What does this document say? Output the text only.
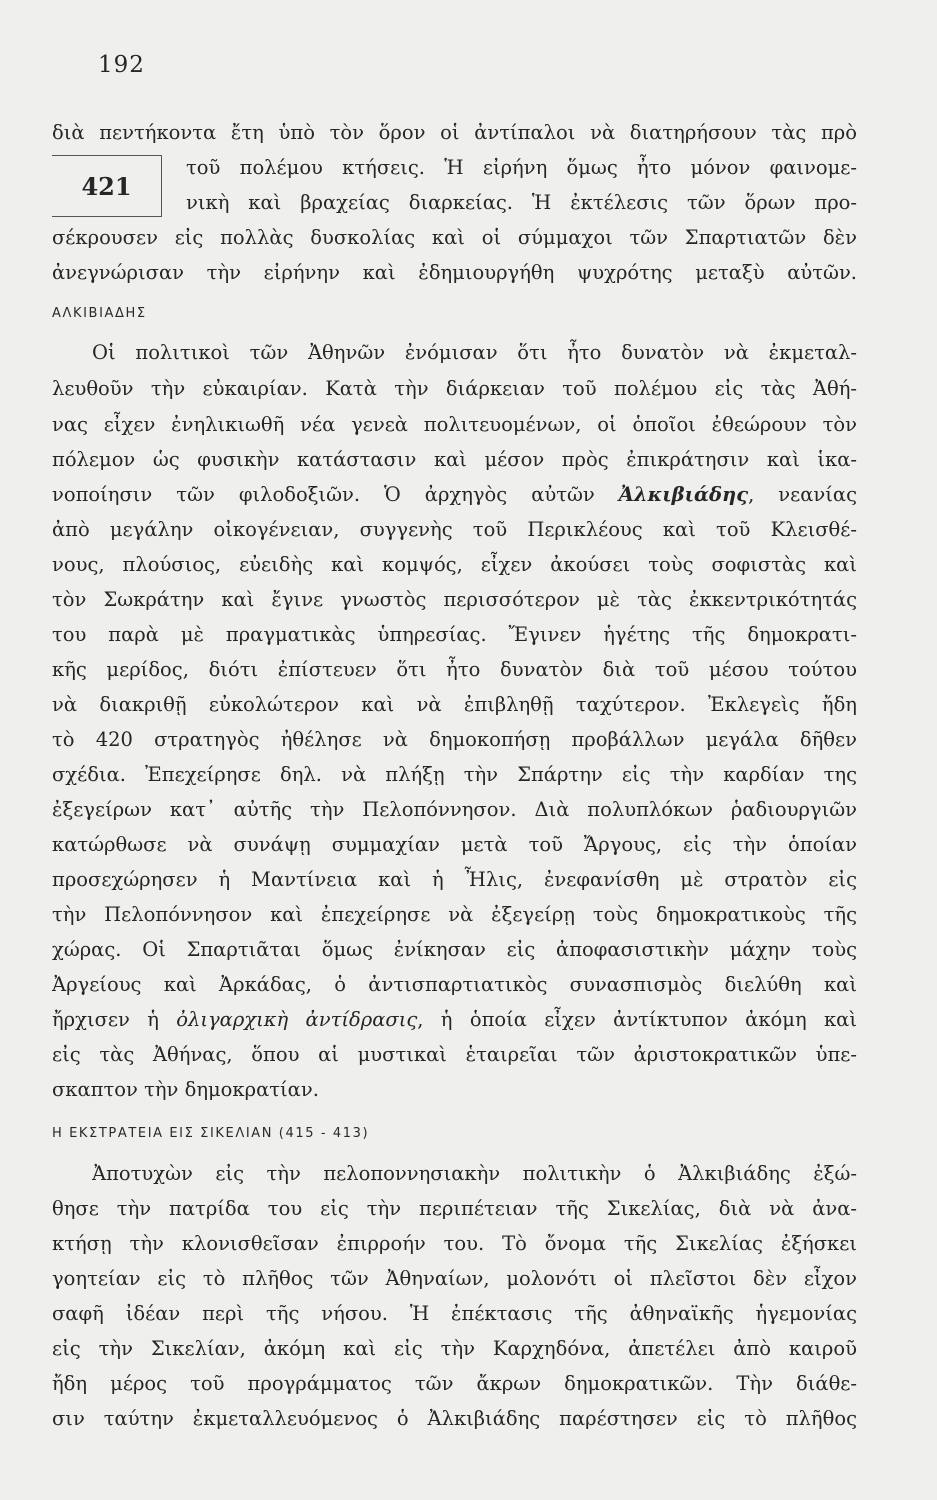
192
421
διὰ πεντήκοντα ἔτη ὑπὸ τὸν ὅρον οἱ ἀντίπαλοι νὰ διατηρήσουν τὰς πρὸ
τοῦ πολέμου κτήσεις. Ἡ εἰρήνη ὅμως ἦτο μόνον φαινομε-
νικὴ καὶ βραχείας διαρκείας. Ἡ ἐκτέλεσις τῶν ὅρων προ-
σέκρουσεν εἰς πολλὰς δυσκολίας καὶ οἱ σύμμαχοι τῶν Σπαρτιατῶν δὲν
ἀνεγνώρισαν τὴν εἰρήνην καὶ ἐδημιουργήθη ψυχρότης μεταξὺ αὐτῶν.
ΑΛΚΙΒΙΑΔΗΣ
Οἱ πολιτικοὶ τῶν Ἀθηνῶν ἐνόμισαν ὅτι ἦτο δυνατὸν νὰ ἐκμεταλ-
λευθοῦν τὴν εὐκαιρίαν. Κατὰ τὴν διάρκειαν τοῦ πολέμου εἰς τὰς Ἀθή-
νας εἶχεν ἐνηλικιωθῆ νέα γενεὰ πολιτευομένων, οἱ ὁποῖοι ἐθεώρουν τὸν
πόλεμον ὡς φυσικὴν κατάστασιν καὶ μέσον πρὸς ἐπικράτησιν καὶ ἱκα-
νοποίησιν τῶν φιλοδοξιῶν. Ὁ ἀρχηγὸς αὐτῶν Ἀλκιβιάδης, νεανίας
ἀπὸ μεγάλην οἰκογένειαν, συγγενὴς τοῦ Περικλέους καὶ τοῦ Κλεισθέ-
νους, πλούσιος, εὐειδὴς καὶ κομψός, εἶχεν ἀκούσει τοὺς σοφιστὰς καὶ
τὸν Σωκράτην καὶ ἔγινε γνωστὸς περισσότερον μὲ τὰς ἐκκεντρικότητάς
του παρὰ μὲ πραγματικὰς ὑπηρεσίας. Ἔγινεν ἡγέτης τῆς δημοκρατι-
κῆς μερίδος, διότι ἐπίστευεν ὅτι ἦτο δυνατὸν διὰ τοῦ μέσου τούτου
νὰ διακριθῇ εὐκολώτερον καὶ νὰ ἐπιβληθῇ ταχύτερον. Ἐκλεγεὶς ἤδη
τὸ 420 στρατηγὸς ἠθέλησε νὰ δημοκοπήσῃ προβάλλων μεγάλα δῆθεν
σχέδια. Ἐπεχείρησε δηλ. νὰ πλήξῃ τὴν Σπάρτην εἰς τὴν καρδίαν της
ἐξεγείρων κατ᾿ αὐτῆς τὴν Πελοπόννησον. Διὰ πολυπλόκων ῥαδιουργιῶν
κατώρθωσε νὰ συνάψῃ συμμαχίαν μετὰ τοῦ Ἄργους, εἰς τὴν ὁποίαν
προσεχώρησεν ἡ Μαντίνεια καὶ ἡ Ἦλις, ἐνεφανίσθη μὲ στρατὸν εἰς
τὴν Πελοπόννησον καὶ ἐπεχείρησε νὰ ἐξεγείρῃ τοὺς δημοκρατικοὺς τῆς
χώρας. Οἱ Σπαρτιᾶται ὅμως ἐνίκησαν εἰς ἀποφασιστικὴν μάχην τοὺς
Ἀργείους καὶ Ἀρκάδας, ὁ ἀντισπαρτιατικὸς συνασπισμὸς διελύθη καὶ
ἤρχισεν ἡ ὀλιγαρχικὴ ἀντίδρασις, ἡ ὁποία εἶχεν ἀντίκτυπον ἀκόμη καὶ
εἰς τὰς Ἀθήνας, ὅπου αἱ μυστικαὶ ἑταιρεῖαι τῶν ἀριστοκρατικῶν ὑπε-
σκαπτον τὴν δημοκρατίαν.
Η ΕΚΣΤΡΑΤΕΙΑ ΕΙΣ ΣΙΚΕΛΙΑΝ (415 - 413)
Ἀποτυχὼν εἰς τὴν πελοποννησιακὴν πολιτικὴν ὁ Ἀλκιβιάδης ἐξώ-
θησε τὴν πατρίδα του εἰς τὴν περιπέτειαν τῆς Σικελίας, διὰ νὰ ἀνα-
κτήσῃ τὴν κλονισθεῖσαν ἐπιρροήν του. Τὸ ὄνομα τῆς Σικελίας ἐξήσκει
γοητείαν εἰς τὸ πλῆθος τῶν Ἀθηναίων, μολονότι οἱ πλεῖστοι δὲν εἶχον
σαφῆ ἰδέαν περὶ τῆς νήσου. Ἡ ἐπέκτασις τῆς ἀθηναϊκῆς ἡγεμονίας
εἰς τὴν Σικελίαν, ἀκόμη καὶ εἰς τὴν Καρχηδόνα, ἀπετέλει ἀπὸ καιροῦ
ἤδη μέρος τοῦ προγράμματος τῶν ἄκρων δημοκρατικῶν. Τὴν διάθε-
σιν ταύτην ἐκμεταλλευόμενος ὁ Ἀλκιβιάδης παρέστησεν εἰς τὸ πλῆθος
